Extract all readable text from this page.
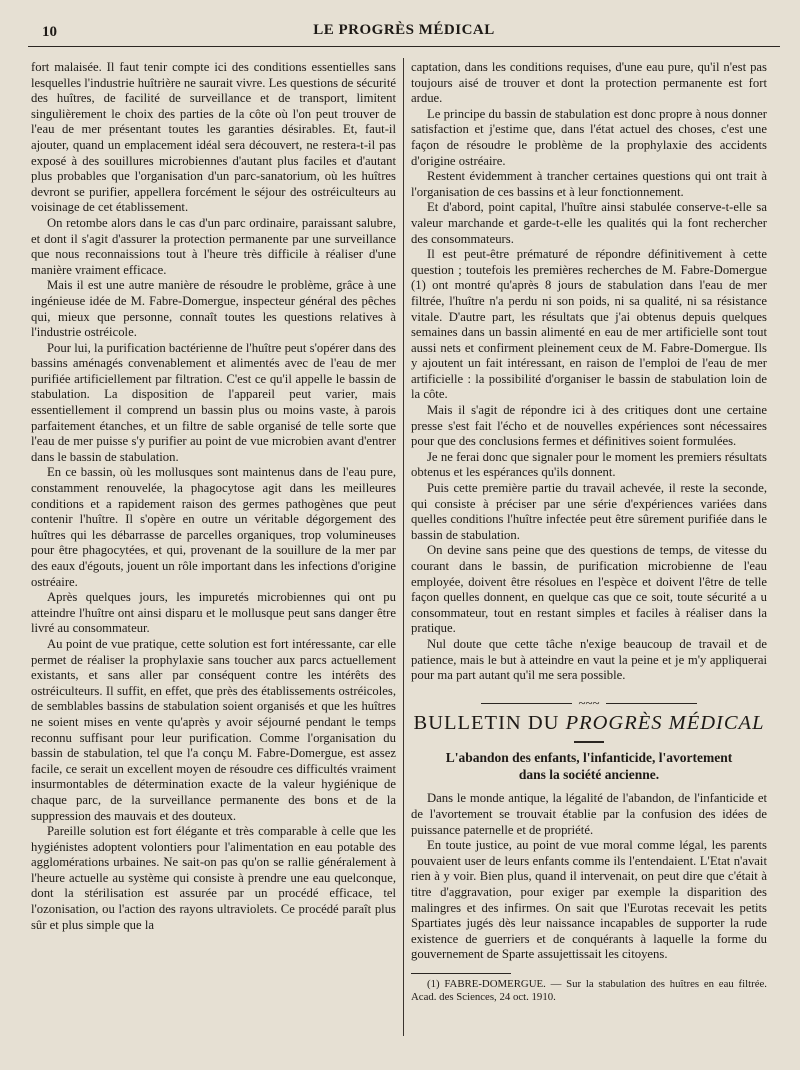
10	LE PROGRÈS MÉDICAL

fort malaisée. Il faut tenir compte ici des conditions essentielles sans lesquelles l'industrie huîtrière ne saurait vivre. Les questions de sécurité des huîtres, de facilité de surveillance et de transport, limitent singulièrement le choix des parties de la côte où l'on peut trouver de l'eau de mer présentant toutes les garanties désirables. Et, faut-il ajouter, quand un emplacement idéal sera découvert, ne restera-t-il pas exposé à des souillures microbiennes d'autant plus faciles et d'autant plus probables que l'organisation d'un parc-sanatorium, où les huîtres devront se purifier, appellera forcément le séjour des ostréiculteurs au voisinage de cet établissement.

On retombe alors dans le cas d'un parc ordinaire, paraissant salubre, et dont il s'agit d'assurer la protection permanente par une surveillance que nous reconnaissions tout à l'heure très difficile à réaliser d'une manière vraiment efficace.

Mais il est une autre manière de résoudre le problème, grâce à une ingénieuse idée de M. Fabre-Domergue, inspecteur général des pêches qui, mieux que personne, connaît toutes les questions relatives à l'industrie ostréicole.

Pour lui, la purification bactérienne de l'huître peut s'opérer dans des bassins aménagés convenablement et alimentés avec de l'eau de mer purifiée artificiellement par filtration. C'est ce qu'il appelle le bassin de stabulation. La disposition de l'appareil peut varier, mais essentiellement il comprend un bassin plus ou moins vaste, à parois parfaitement étanches, et un filtre de sable organisé de telle sorte que l'eau de mer puisse s'y purifier au point de vue microbien avant d'entrer dans le bassin de stabulation.

En ce bassin, où les mollusques sont maintenus dans de l'eau pure, constamment renouvelée, la phagocytose agit dans les meilleures conditions et a rapidement raison des germes pathogènes que peut contenir l'huître. Il s'opère en outre un véritable dégorgement des huîtres qui les débarrasse de parcelles organiques, trop volumineuses pour être phagocytées, et qui, provenant de la souillure de la mer par des eaux d'égouts, jouent un rôle important dans les infections d'origine ostréaire.

Après quelques jours, les impuretés microbiennes qui ont pu atteindre l'huître ont ainsi disparu et le mollusque peut sans danger être livré au consommateur.

Au point de vue pratique, cette solution est fort intéressante, car elle permet de réaliser la prophylaxie sans toucher aux parcs actuellement existants, et sans aller par conséquent contre les intérêts des ostréiculteurs. Il suffit, en effet, que près des établissements ostréicoles, de semblables bassins de stabulation soient organisés et que les huîtres ne soient mises en vente qu'après y avoir séjourné pendant le temps reconnu suffisant pour leur purification. Comme l'organisation du bassin de stabulation, tel que l'a conçu M. Fabre-Domergue, est assez facile, ce serait un excellent moyen de résoudre ces difficultés vraiment insurmontables de détermination exacte de la valeur hygiénique de chaque parc, de la surveillance permanente des bons et de la suppression des mauvais et des douteux.

Pareille solution est fort élégante et très comparable à celle que les hygiénistes adoptent volontiers pour l'alimentation en eau potable des agglomérations urbaines. Ne sait-on pas qu'on se rallie généralement à l'heure actuelle au système qui consiste à prendre une eau quelconque, dont la stérilisation est assurée par un procédé efficace, tel l'ozonisation, ou l'action des rayons ultraviolets. Ce procédé paraît plus sûr et plus simple que la

captation, dans les conditions requises, d'une eau pure, qu'il n'est pas toujours aisé de trouver et dont la protection permanente est fort ardue.

Le principe du bassin de stabulation est donc propre à nous donner satisfaction et j'estime que, dans l'état actuel des choses, c'est une façon de résoudre le problème de la prophylaxie des accidents d'origine ostréaire.

Restent évidemment à trancher certaines questions qui ont trait à l'organisation de ces bassins et à leur fonctionnement.

Et d'abord, point capital, l'huître ainsi stabulée conserve-t-elle sa valeur marchande et garde-t-elle les qualités qui la font rechercher des consommateurs.

Il est peut-être prématuré de répondre définitivement à cette question ; toutefois les premières recherches de M. Fabre-Domergue (1) ont montré qu'après 8 jours de stabulation dans l'eau de mer filtrée, l'huître n'a perdu ni son poids, ni sa qualité, ni sa résistance vitale. D'autre part, les résultats que j'ai obtenus depuis quelques semaines dans un bassin alimenté en eau de mer artificielle sont tout aussi nets et confirment pleinement ceux de M. Fabre-Domergue. Ils y ajoutent un fait intéressant, en raison de l'emploi de l'eau de mer artificielle : la possibilité d'organiser le bassin de stabulation loin de la côte.

Mais il s'agit de répondre ici à des critiques dont une certaine presse s'est fait l'écho et de nouvelles expériences sont nécessaires pour que des conclusions fermes et définitives soient formulées.

Je ne ferai donc que signaler pour le moment les premiers résultats obtenus et les espérances qu'ils donnent.

Puis cette première partie du travail achevée, il reste la seconde, qui consiste à préciser par une série d'expériences variées dans quelles conditions l'huître infectée peut être sûrement purifiée dans le bassin de stabulation.

On devine sans peine que des questions de temps, de vitesse du courant dans le bassin, de purification microbienne de l'eau employée, doivent être résolues en l'espèce et doivent l'être de telle façon quelles donnent, en quelque cas que ce soit, toute sécurité a u consommateur, tout en restant simples et faciles à réaliser dans la pratique.

Nul doute que cette tâche n'exige beaucoup de travail et de patience, mais le but à atteindre en vaut la peine et je m'y appliquerai pour ma part autant qu'il me sera possible.

~~~
BULLETIN DU PROGRÈS MÉDICAL
L'abandon des enfants, l'infanticide, l'avortement
dans la société ancienne.

Dans le monde antique, la légalité de l'abandon, de l'infanticide et de l'avortement se trouvait établie par la confusion des idées de puissance paternelle et de propriété.

En toute justice, au point de vue moral comme légal, les parents pouvaient user de leurs enfants comme ils l'entendaient. L'Etat n'avait rien à y voir. Bien plus, quand il intervenait, on peut dire que c'était à titre d'aggravation, pour exiger par exemple la disparition des malingres et des infirmes. On sait que l'Eurotas recevait les petits Spartiates jugés dès leur naissance incapables de supporter la rude existence de guerriers et de conquérants à laquelle la forme du gouvernement de Sparte assujettissait les citoyens.

(1) FABRE-DOMERGUE. — Sur la stabulation des huîtres en eau filtrée. Acad. des Sciences, 24 oct. 1910.
